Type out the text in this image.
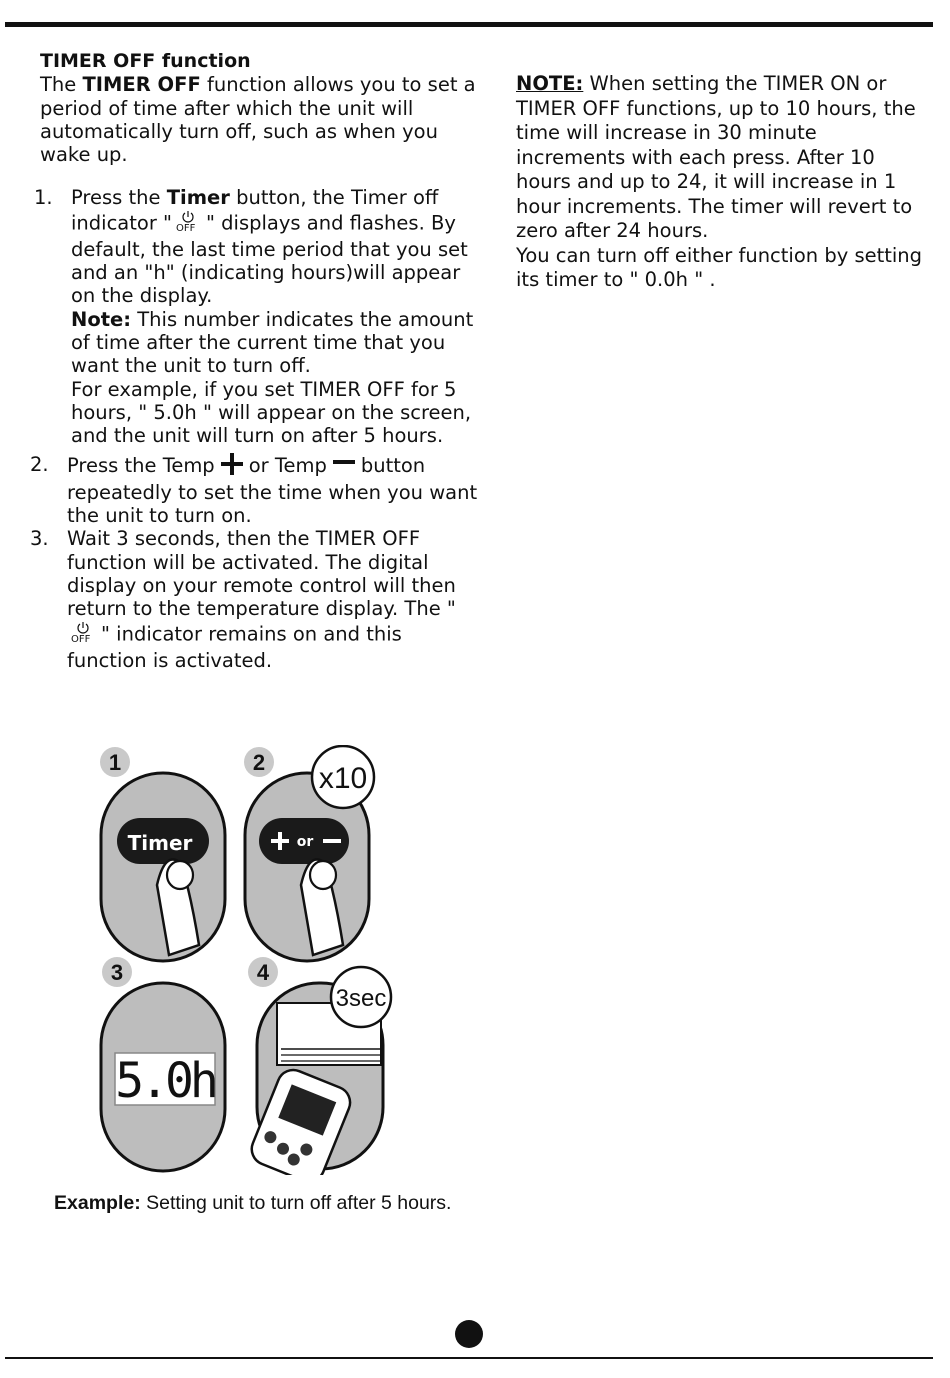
TIMER OFF function

The TIMER OFF function allows you to set a period of time after which the unit will automatically turn off, such as when you wake up.

1. Press the Timer button, the Timer off indicator " OFF " displays and flashes. By default, the last time period that you set and an "h" (indicating hours)will appear on the display.
Note: This number indicates the amount of time after the current time that you want the unit to turn off.
For example, if you set TIMER OFF for 5 hours, " 5.0h " will appear on the screen, and the unit will turn on after 5 hours.
2. Press the Temp or Temp button repeatedly to set the time when you want the unit to turn on.
3. Wait 3 seconds, then the TIMER OFF function will be activated. The digital display on your remote control will then return to the temperature display. The "
OFF " indicator remains on and this function is activated.
NOTE: When setting the TIMER ON or TIMER OFF functions, up to 10 hours, the time will increase in 30 minute increments with each press. After 10 hours and up to 24, it will increase in 1 hour increments. The timer will revert to zero after 24 hours.
You can turn off either function by setting its timer to " 0.0h " .
1
Timer
2
or
x10
3
5.0h
4
3sec
Example: Setting unit to turn off after 5 hours.
